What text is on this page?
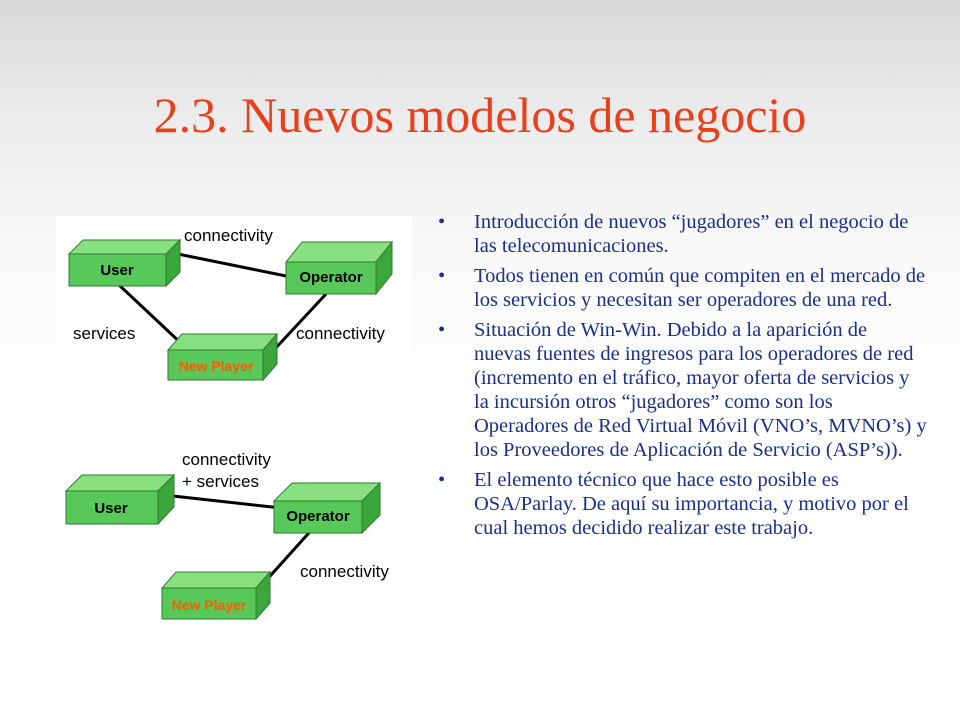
2.3. Nuevos modelos de negocio
User	Operator
New Player
connectivity
services	connectivity
User	Operator
New Player
connectivity
+ services
connectivity
• Introducción de nuevos “jugadores” en el negocio de las telecomunicaciones.
• Todos tienen en común que compiten en el mercado de los servicios y necesitan ser operadores de una red.
• Situación de Win-Win. Debido a la aparición de nuevas fuentes de ingresos para los operadores de red (incremento en el tráfico, mayor oferta de servicios y la incursión otros “jugadores” como son los Operadores de Red Virtual Móvil (VNO’s, MVNO’s) y los Proveedores de Aplicación de Servicio (ASP’s)).
• El elemento técnico que hace esto posible es OSA/Parlay. De aquí su importancia, y motivo por el cual hemos decidido realizar este trabajo.
